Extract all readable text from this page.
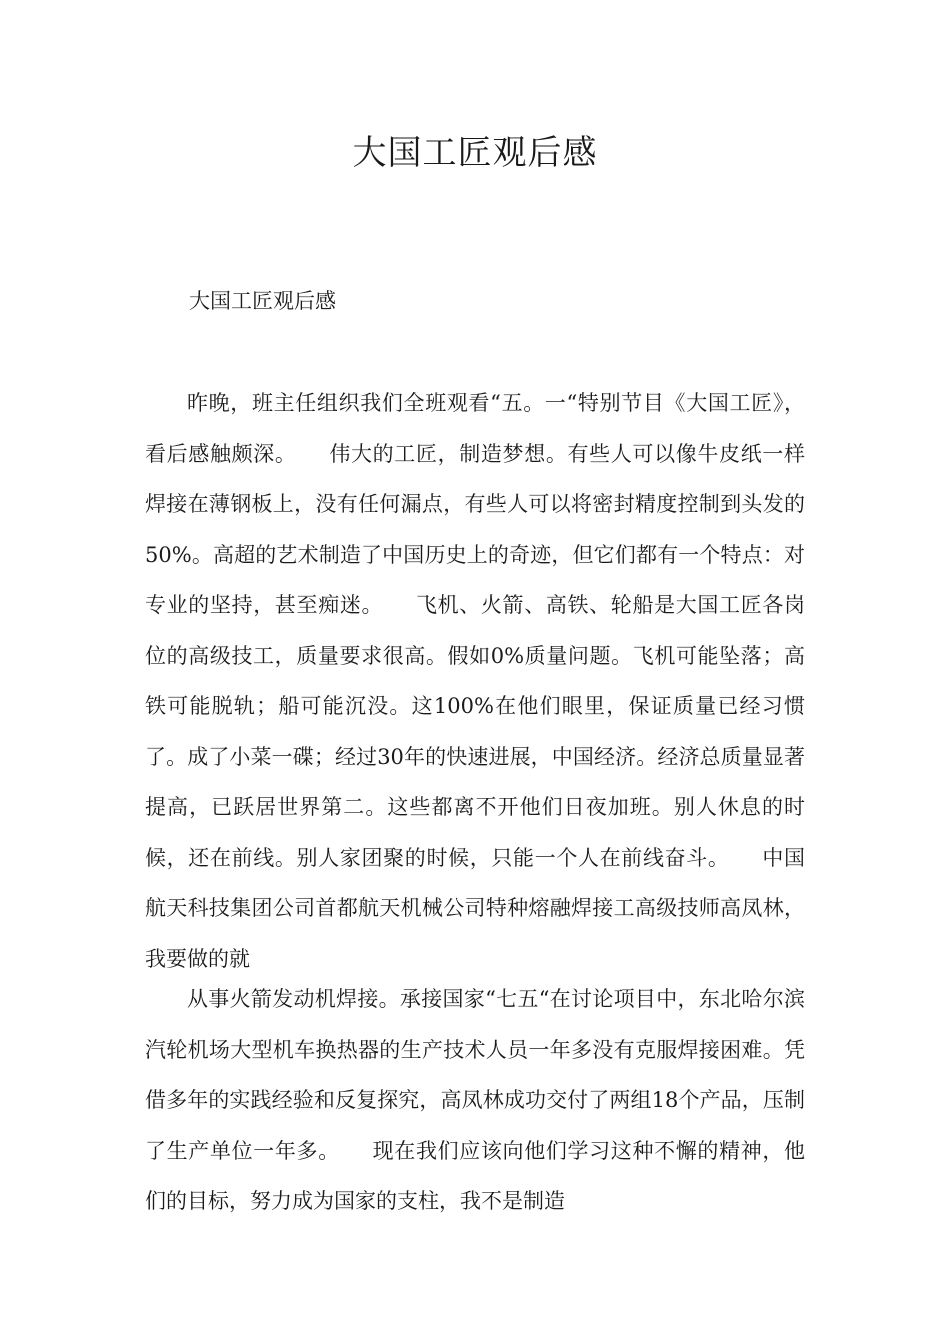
大国工匠观后感

大国工匠观后感

昨晚，班主任组织我们全班观看“五。一“特别节目《大国工匠》，看后感触颇深。　　伟大的工匠，制造梦想。有些人可以像牛皮纸一样焊接在薄钢板上，没有任何漏点，有些人可以将密封精度控制到头发的50%。高超的艺术制造了中国历史上的奇迹，但它们都有一个特点：对专业的坚持，甚至痴迷。　　飞机、火箭、高铁、轮船是大国工匠各岗位的高级技工，质量要求很高。假如0%质量问题。飞机可能坠落；高铁可能脱轨；船可能沉没。这100%在他们眼里，保证质量已经习惯了。成了小菜一碟；经过30年的快速进展，中国经济。经济总质量显著提高，已跃居世界第二。这些都离不开他们日夜加班。别人休息的时候，还在前线。别人家团聚的时候，只能一个人在前线奋斗。　　中国航天科技集团公司首都航天机械公司特种熔融焊接工高级技师高凤林，我要做的就

从事火箭发动机焊接。承接国家“七五“在讨论项目中，东北哈尔滨汽轮机场大型机车换热器的生产技术人员一年多没有克服焊接困难。凭借多年的实践经验和反复探究，高凤林成功交付了两组18个产品，压制了生产单位一年多。　　现在我们应该向他们学习这种不懈的精神，他们的目标，努力成为国家的支柱，我不是制造
